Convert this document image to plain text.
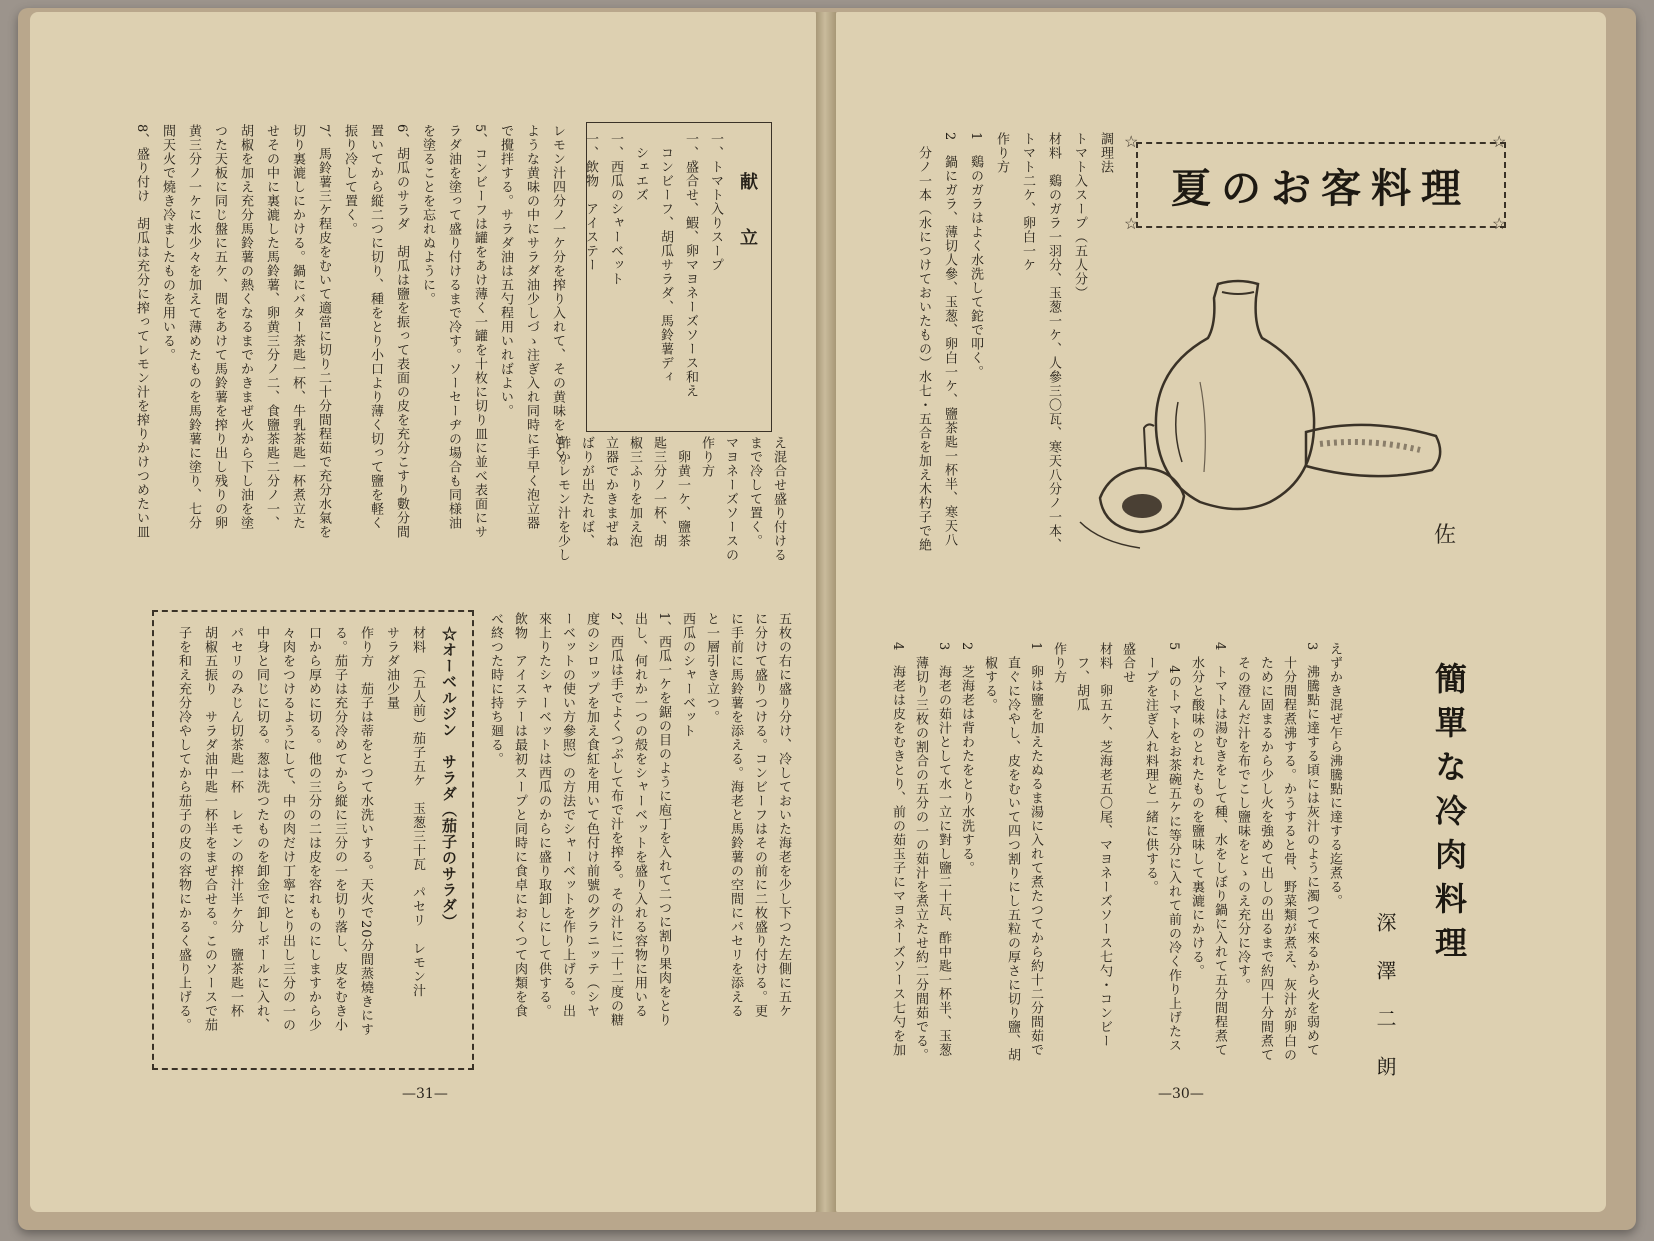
献　立
一、トマト入りスープ
一、盛合せ、鰕、卵マヨネーズソース和え
　コンビーフ、胡瓜サラダ、馬鈴薯ディ
　シェエズ
一、西瓜のシャーベット
一、飲物　アイステー
レモン汁四分ノ一ケ分を搾り入れて、その黄味をとく。
ような黄味の中にサラダ油少しづゝ注ぎ入れ同時に手早く泡立器
で攪拌する。サラダ油は五勺程用いればよい。
5、コンビーフは罐をあけ薄く一罐を十枚に切り皿に並べ表面にサ
ラダ油を塗って盛り付けるまで冷す。ソーセーヂの場合も同様油
を塗ることを忘れぬように。
6、胡瓜のサラダ　胡瓜は鹽を振って表面の皮を充分こすり數分間
置いてから縦二つに切り、種をとり小口より薄く切って鹽を軽く
振り冷して置く。
7、馬鈴薯三ケ程皮をむいて適當に切り二十分間程茹で充分水氣を
切り裏漉しにかける。鍋にバター茶匙一杯、牛乳茶匙一杯煮立た
せその中に裏漉した馬鈴薯、卵黄三分ノ二、食鹽茶匙二分ノ一、
胡椒を加え充分馬鈴薯の熱くなるまでかきまぜ火から下し油を塗
つた天板に同じ盤に五ケ、間をあけて馬鈴薯を搾り出し残りの卵
黄三分ノ一ケに水少々を加えて薄めたものを馬鈴薯に塗り、七分
間天火で燒き冷ましたものを用いる。
8、盛り付け　胡瓜は充分に搾ってレモン汁を搾りかけつめたい皿	え混合せ盛り付ける
まで冷して置く。
マヨネーズソースの
作り方
　卵黄一ケ、鹽茶
匙三分ノ一杯、胡
椒三ふりを加え泡
立器でかきまぜね
ばりが出たれば、
酢かレモン汁を少し
五枚の右に盛り分け、冷しておいた海老を少し下つた左側に五ケ
に分けて盛りつける。コンビーフはその前に二枚盛り付ける。更
に手前に馬鈴薯を添える。海老と馬鈴薯の空間にパセリを添える
と一層引き立つ。
西瓜のシャーベット
1、西瓜一ケを鋸の目のように庖丁を入れて二つに割り果肉をとり
出し、何れか一つの殻をシャーベットを盛り入れる容物に用いる
2、西瓜は手でよくつぶして布で汁を搾る。その汁に二十二度の糖
度のシロップを加え食紅を用いて色付け前號のグラニッテ（シヤ
ーベットの使い方參照）の方法でシャーベットを作り上げる。出
來上りたシャーベットは西瓜のからに盛り取卸しにして供する。
飲物　アイステーは最初スープと同時に食卓におくつて肉類を食
べ終つた時に持ち廻る。
☆オーベルジン　サラダ（茄子のサラダ）
材料　（五人前）茄子五ケ　玉葱三十瓦　パセリ　レモン汁
サラダ油少量
作り方　茄子は蒂をとつて水洗いする。天火で20分間蒸燒きにす
る。茄子は充分冷めてから縦に三分の一を切り落し、皮をむき小
口から厚めに切る。他の三分の二は皮を容れものにしますから少
々肉をつけるようにして、中の肉だけ丁寧にとり出し三分の一の
中身と同じに切る。葱は洗つたものを卸金で卸しボールに入れ、
パセリのみじん切茶匙一杯　レモンの搾汁半ケ分　鹽茶匙一杯
胡椒五振り　サラダ油中匙一杯半をまぜ合せる。このソースで茄
子を和え充分冷やしてから茄子の皮の容物にかるく盛り上げる。
—31—
夏のお客料理
☆	☆
☆	☆
調理法
トマト入スープ（五人分）
材料　鷄のガラ一羽分、玉葱一ケ、人參三〇瓦、寒天八分ノ一本、
トマト二ケ、卵白一ケ
作り方
1　鷄のガラはよく水洗して鉈で叩く。
2　鍋にガラ、薄切人參、玉葱、卵白一ケ、鹽茶匙一杯半、寒天八
　分ノ一本（水につけておいたもの）水七・五合を加え木杓子で絶	佐
えずかき混ぜ乍ら沸騰點に達する迄煮る。
3　沸騰點に達する頃には灰汁のように濁つて來るから火を弱めて
　十分間程煮沸する。かうすると骨、野菜類が煮え、灰汁が卵白の
　ために固まるから少し火を強めて出しの出るまで約四十分間煮て
　その澄んだ汁を布でこし鹽味をとゝのえ充分に冷す。
4　トマトは湯むきをして種、水をしぼり鍋に入れて五分間程煮て
　水分と酸味のとれたものを鹽味して裏漉にかける。
5　4のトマトをお茶碗五ケに等分に入れて前の冷く作り上げたス
　ープを注ぎ入れ料理と一緒に供する。
盛合せ
材料　卵五ケ、芝海老五〇尾、マヨネーズソース七勺・コンビー
　フ、胡瓜
作り方
1　卵は鹽を加えたぬるま湯に入れて煮たつてから約十二分間茹で
　直ぐに冷やし、皮をむいて四つ割りにし五粒の厚さに切り鹽、胡
　椒する。
2　芝海老は背わたをとり水洗する。
3　海老の茹汁として水一立に對し鹽二十瓦、酢中匙一杯半、玉葱
　薄切り三枚の割合の五分の一の茹汁を煮立たせ約二分間茹でる。
4　海老は皮をむきとり、前の茹玉子にマヨネーズソース七勺を加	簡單な冷肉料理
深澤二朗
—30—
